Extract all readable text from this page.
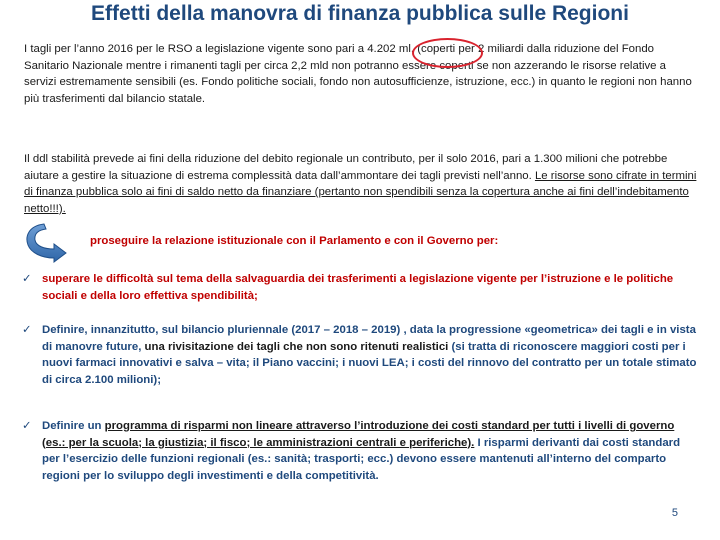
Effetti della manovra di finanza pubblica sulle Regioni

I tagli per l’anno 2016 per le RSO a legislazione vigente sono pari a 4.202 ml. (coperti per 2 miliardi dalla riduzione del Fondo Sanitario Nazionale mentre i rimanenti tagli per circa 2,2 mld non potranno essere coperti se non azzerando le risorse relative a servizi estremamente sensibili (es. Fondo politiche sociali, fondo non autosufficienze, istruzione, ecc.) in quanto le regioni non hanno più trasferimenti dal bilancio statale.

Il ddl stabilità prevede ai fini della riduzione del debito regionale un contributo, per il solo 2016, pari a 1.300 milioni che potrebbe aiutare a gestire la situazione di estrema complessità data dall’ammontare dei tagli previsti nell’anno. Le risorse sono cifrate in termini di finanza pubblica solo ai fini di saldo netto da finanziare (pertanto non spendibili senza la copertura anche ai fini dell’indebitamento netto!!!).

proseguire la relazione istituzionale con il Parlamento e con il Governo per:

✓ superare le difficoltà sul tema della salvaguardia dei trasferimenti a legislazione vigente per l’istruzione e le politiche sociali e della loro effettiva spendibilità;
✓ Definire, innanzitutto, sul bilancio pluriennale (2017 – 2018 – 2019) , data la progressione «geometrica» dei tagli e in vista di manovre future, una rivisitazione dei tagli che non sono ritenuti realistici (si tratta di riconoscere maggiori costi per i nuovi farmaci innovativi e salva – vita; il Piano vaccini; i nuovi LEA; i costi del rinnovo del contratto per un totale stimato di circa 2.100 milioni);
✓ Definire un programma di risparmi non lineare attraverso l’introduzione dei costi standard per tutti i livelli di governo (es.: per la scuola; la giustizia; il fisco; le amministrazioni centrali e periferiche). I risparmi derivanti dai costi standard per l’esercizio delle funzioni regionali (es.: sanità; trasporti; ecc.) devono essere mantenuti all’interno del comparto regioni per lo sviluppo degli investimenti e della competitività.
5
